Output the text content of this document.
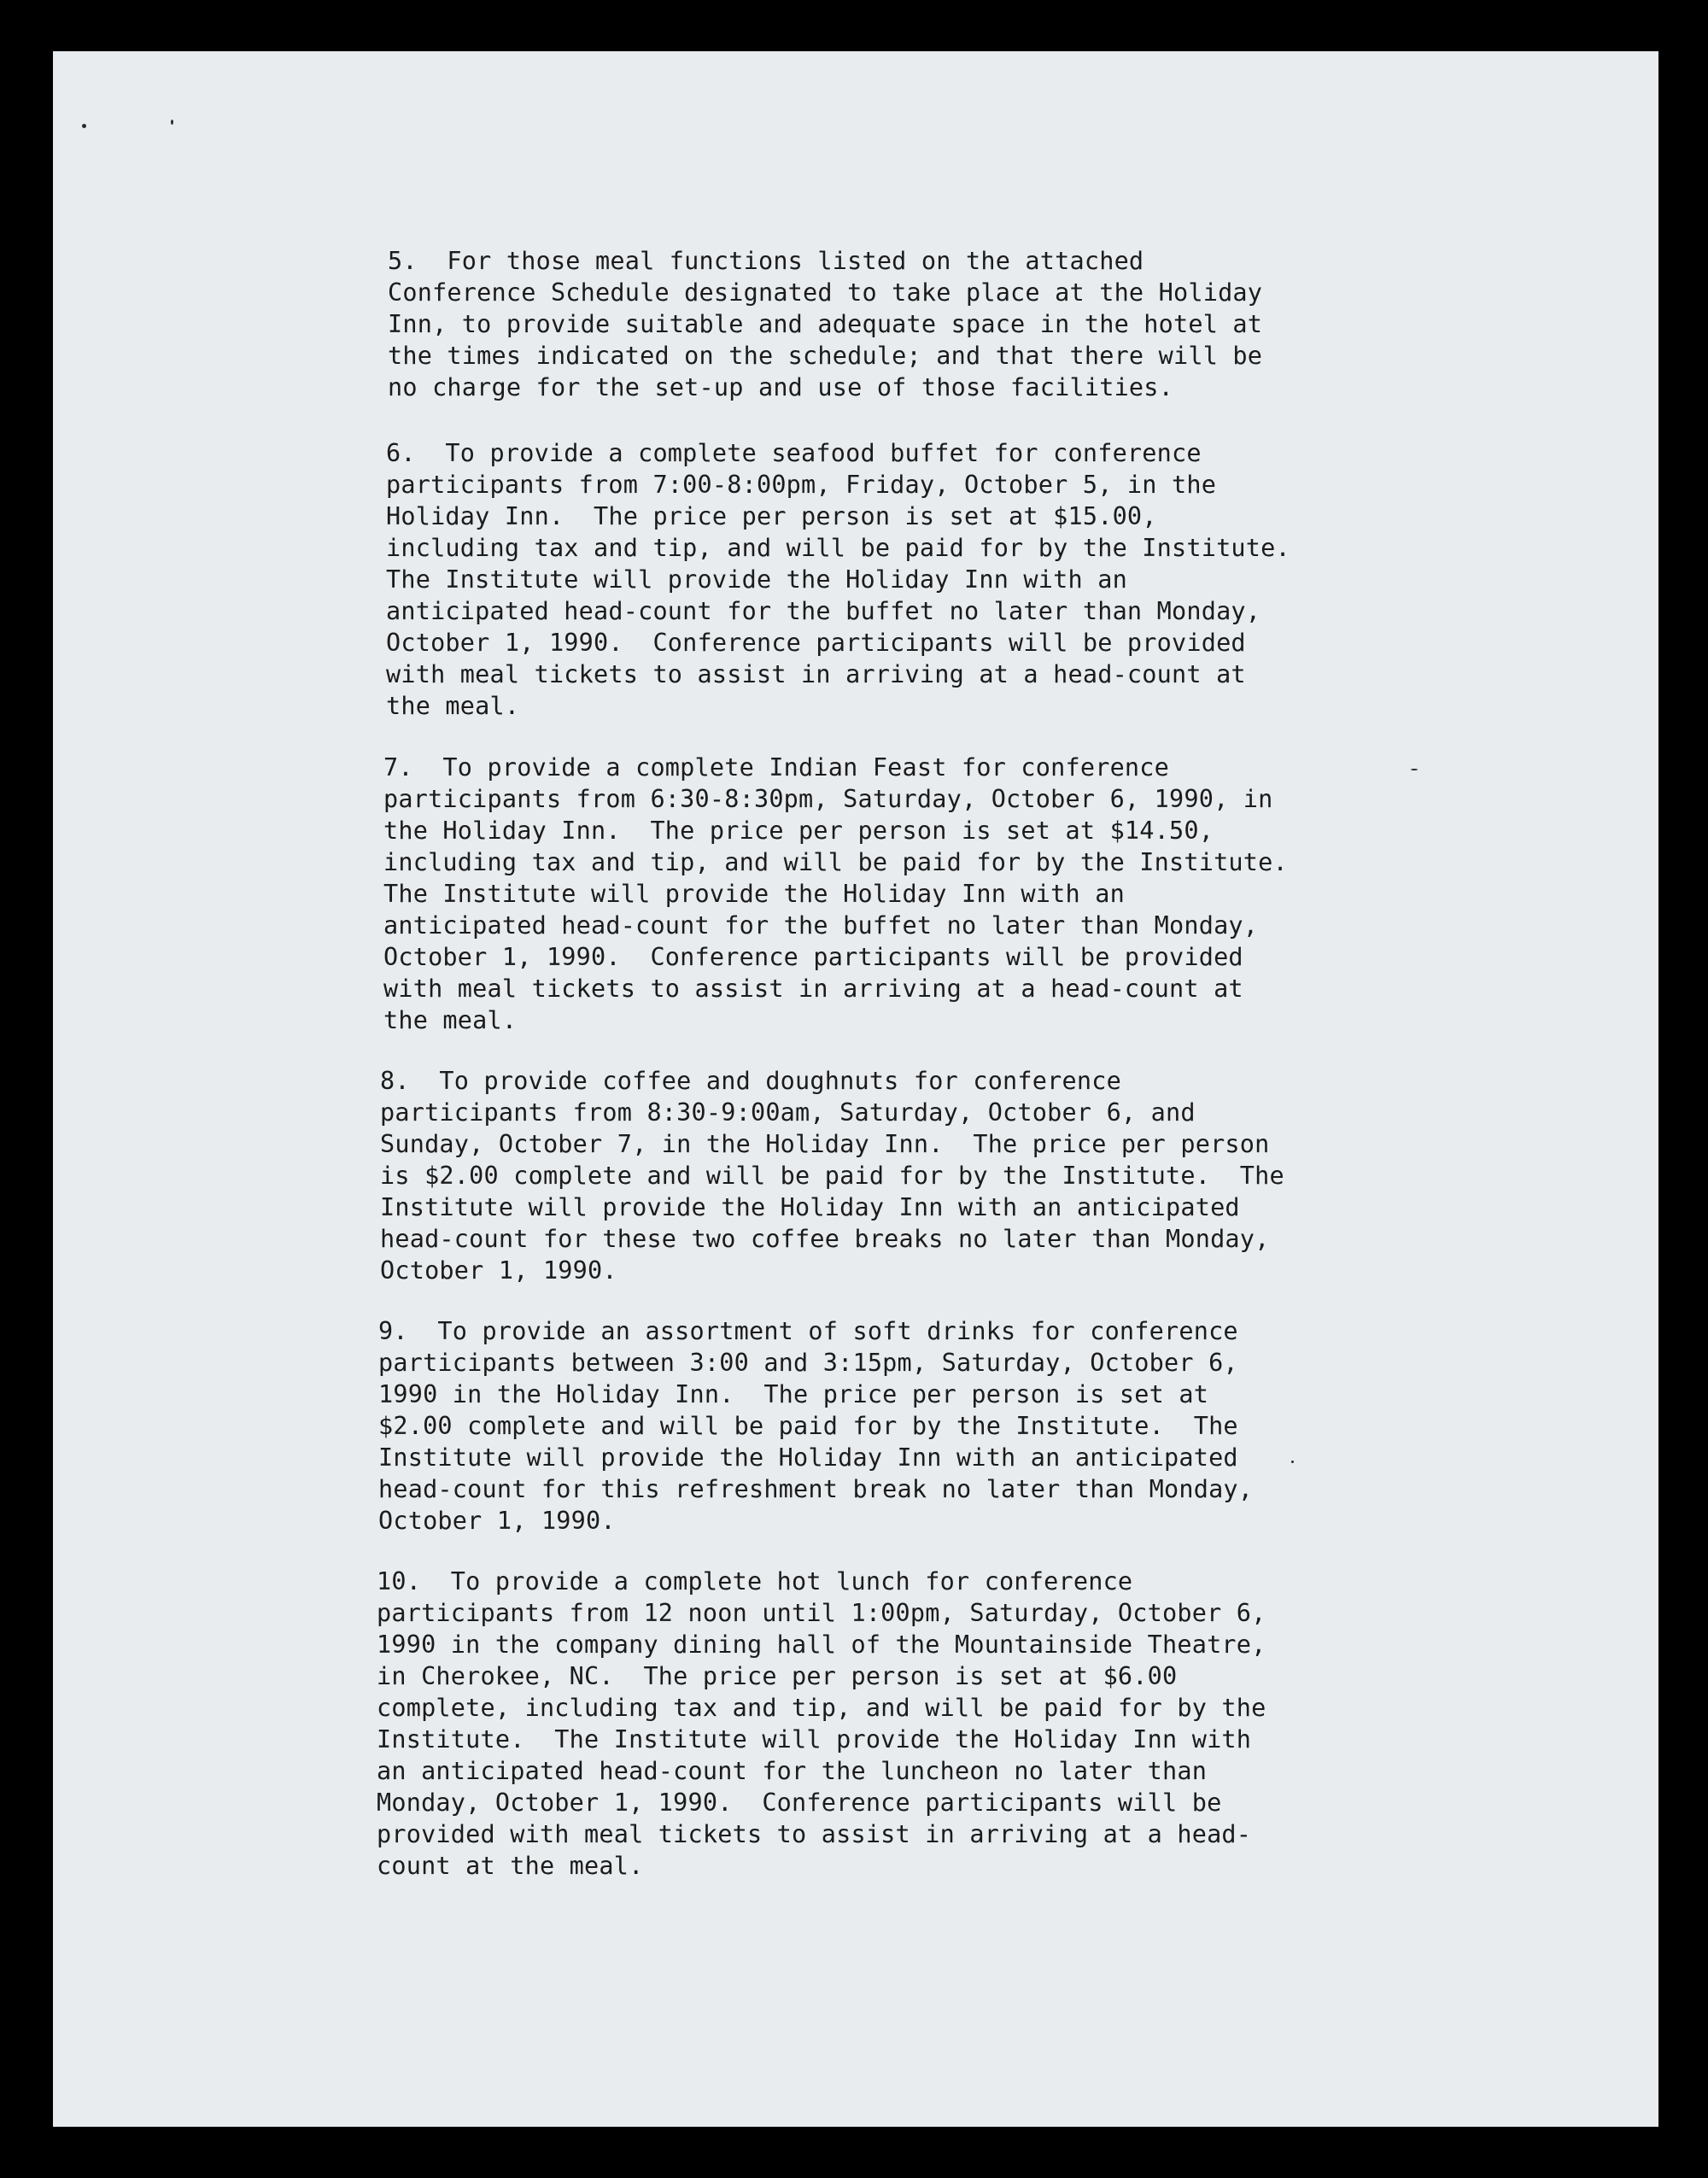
5.  For those meal functions listed on the attached
Conference Schedule designated to take place at the Holiday
Inn, to provide suitable and adequate space in the hotel at
the times indicated on the schedule; and that there will be
no charge for the set-up and use of those facilities.
6.  To provide a complete seafood buffet for conference
participants from 7:00-8:00pm, Friday, October 5, in the
Holiday Inn.  The price per person is set at $15.00,
including tax and tip, and will be paid for by the Institute.
The Institute will provide the Holiday Inn with an
anticipated head-count for the buffet no later than Monday,
October 1, 1990.  Conference participants will be provided
with meal tickets to assist in arriving at a head-count at
the meal.
7.  To provide a complete Indian Feast for conference
participants from 6:30-8:30pm, Saturday, October 6, 1990, in
the Holiday Inn.  The price per person is set at $14.50,
including tax and tip, and will be paid for by the Institute.
The Institute will provide the Holiday Inn with an
anticipated head-count for the buffet no later than Monday,
October 1, 1990.  Conference participants will be provided
with meal tickets to assist in arriving at a head-count at
the meal.
8.  To provide coffee and doughnuts for conference
participants from 8:30-9:00am, Saturday, October 6, and
Sunday, October 7, in the Holiday Inn.  The price per person
is $2.00 complete and will be paid for by the Institute.  The
Institute will provide the Holiday Inn with an anticipated
head-count for these two coffee breaks no later than Monday,
October 1, 1990.
9.  To provide an assortment of soft drinks for conference
participants between 3:00 and 3:15pm, Saturday, October 6,
1990 in the Holiday Inn.  The price per person is set at
$2.00 complete and will be paid for by the Institute.  The
Institute will provide the Holiday Inn with an anticipated
head-count for this refreshment break no later than Monday,
October 1, 1990.
10.  To provide a complete hot lunch for conference
participants from 12 noon until 1:00pm, Saturday, October 6,
1990 in the company dining hall of the Mountainside Theatre,
in Cherokee, NC.  The price per person is set at $6.00
complete, including tax and tip, and will be paid for by the
Institute.  The Institute will provide the Holiday Inn with
an anticipated head-count for the luncheon no later than
Monday, October 1, 1990.  Conference participants will be
provided with meal tickets to assist in arriving at a head-
count at the meal.
